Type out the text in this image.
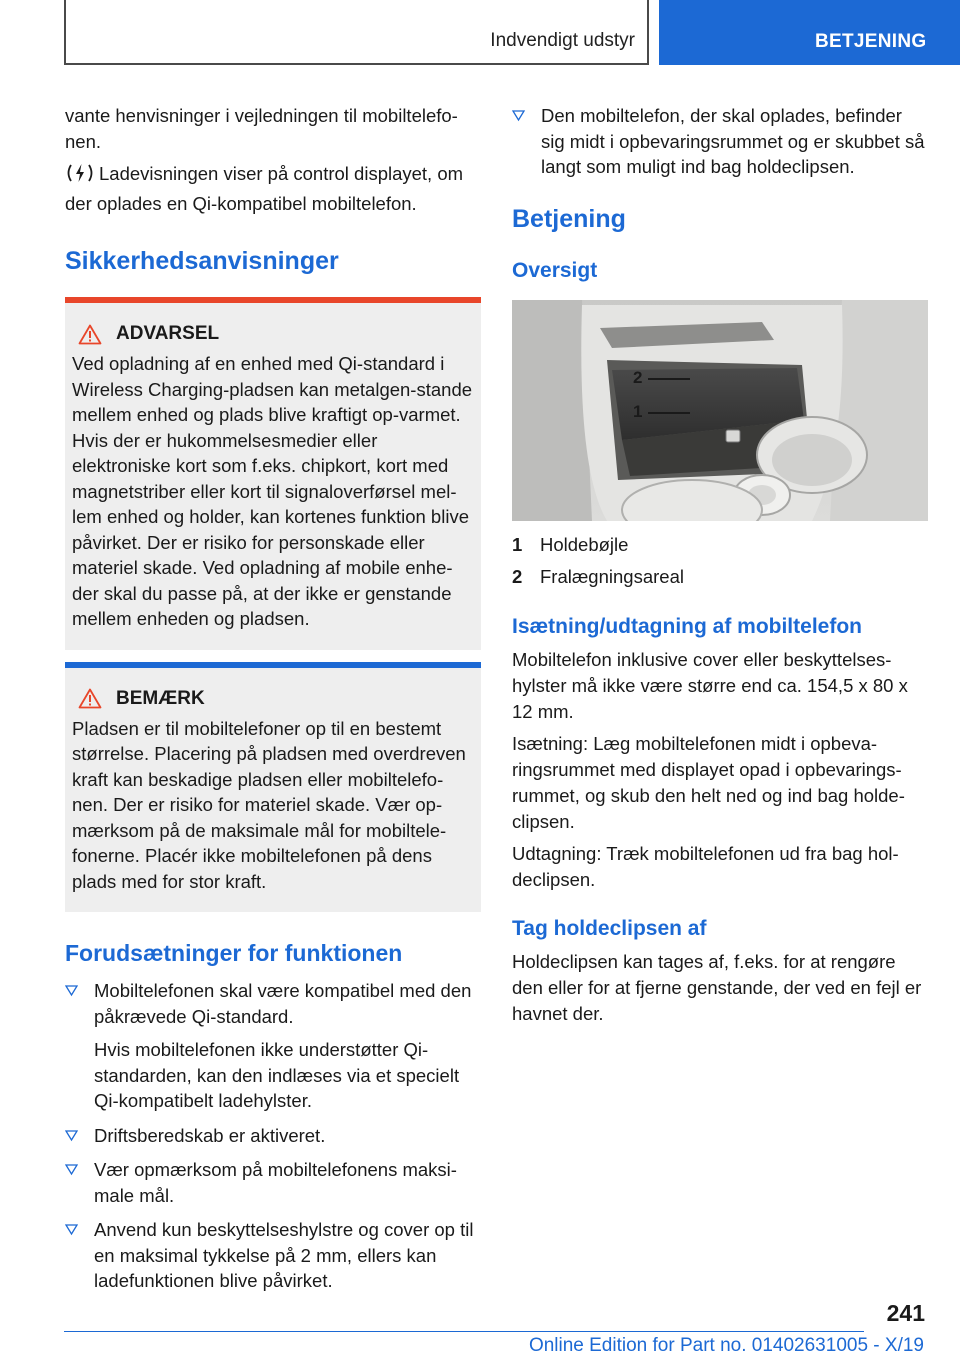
Indvendigt udstyr	BETJENING

vante henvisninger i vejledningen til mobiltelefo-nen.

Ladevisningen viser på control displayet, om der oplades en Qi-kompatibel mobiltelefon.

Sikkerhedsanvisninger
ADVARSEL

Ved opladning af en enhed med Qi-standard i Wireless Charging-pladsen kan metalgen-stande mellem enhed og plads blive kraftigt op-varmet. Hvis der er hukommelsesmedier eller elektroniske kort som f.eks. chipkort, kort med magnetstriber eller kort til signaloverførsel mel-lem enhed og holder, kan kortenes funktion blive påvirket. Der er risiko for personskade eller materiel skade. Ved opladning af mobile enhe-der skal du passe på, at der ikke er genstande mellem enheden og pladsen.

BEMÆRK

Pladsen er til mobiltelefoner op til en bestemt størrelse. Placering på pladsen med overdreven kraft kan beskadige pladsen eller mobiltelefo-nen. Der er risiko for materiel skade. Vær op-mærksom på de maksimale mål for mobiltele-fonerne. Placér ikke mobiltelefonen på dens plads med for stor kraft.

Forudsætninger for funktionen
Mobiltelefonen skal være kompatibel med den påkrævede Qi-standard.
Hvis mobiltelefonen ikke understøtter Qi-standarden, kan den indlæses via et specielt Qi-kompatibelt ladehylster.
Driftsberedskab er aktiveret.
Vær opmærksom på mobiltelefonens maksi-male mål.
Anvend kun beskyttelseshylstre og cover op til en maksimal tykkelse på 2 mm, ellers kan ladefunktionen blive påvirket.
Den mobiltelefon, der skal oplades, befinder sig midt i opbevaringsrummet og er skubbet så langt som muligt ind bag holdeclipsen.
Betjening
Oversigt
2
1
1 Holdebøjle
2 Fralægningsareal
Isætning/udtagning af mobiltelefon

Mobiltelefon inklusive cover eller beskyttelses-hylster må ikke være større end ca. 154,5 x 80 x 12 mm.

Isætning: Læg mobiltelefonen midt i opbeva-ringsrummet med displayet opad i opbevarings-rummet, og skub den helt ned og ind bag holde-clipsen.

Udtagning: Træk mobiltelefonen ud fra bag hol-declipsen.

Tag holdeclipsen af

Holdeclipsen kan tages af, f.eks. for at rengøre den eller for at fjerne genstande, der ved en fejl er havnet der.

241
Online Edition for Part no. 01402631005 - X/19
